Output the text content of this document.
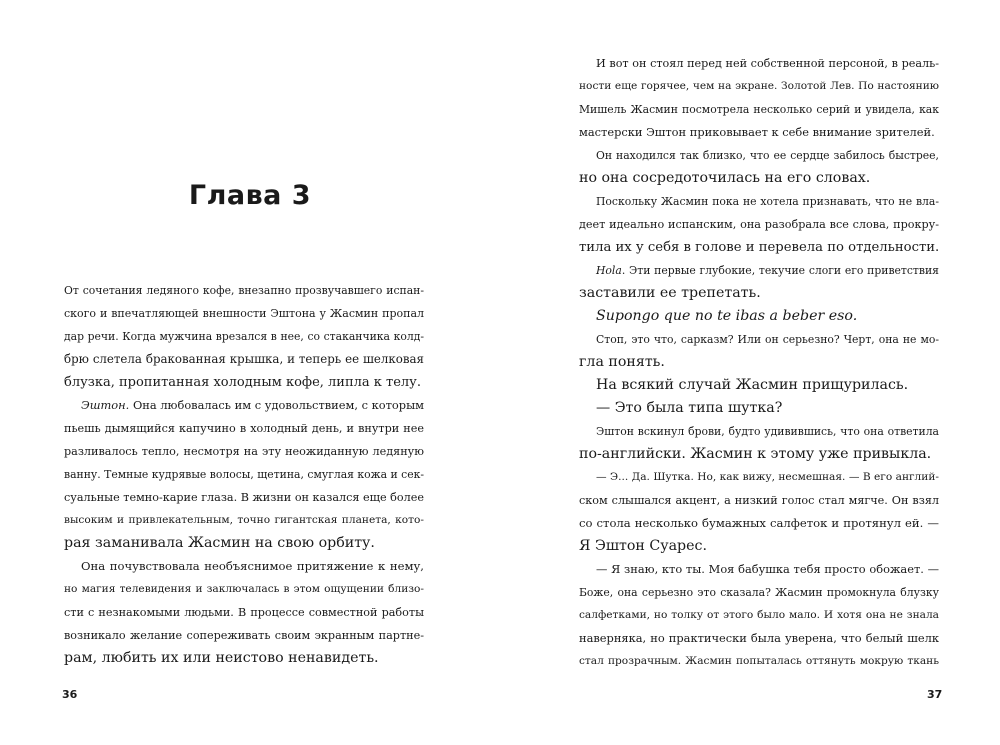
Глава 3

От сочетания ледяного кофе, внезапно прозвучавшего испан-
ского и впечатляющей внешности Эштона у Жасмин пропал
дар речи. Когда мужчина врезался в нее, со стаканчика колд-
брю слетела бракованная крышка, и теперь ее шелковая
блузка, пропитанная холодным кофе, липла к телу.

Эштон. Она любовалась им с удовольствием, с которым
пьешь дымящийся капучино в холодный день, и внутри нее
разливалось тепло, несмотря на эту неожиданную ледяную
ванну. Темные кудрявые волосы, щетина, смуглая кожа и сек-
суальные темно-карие глаза. В жизни он казался еще более
высоким и привлекательным, точно гигантская планета, кото-
рая заманивала Жасмин на свою орбиту.

Она почувствовала необъяснимое притяжение к нему,
но магия телевидения и заключалась в этом ощущении близо-
сти с незнакомыми людьми. В процессе совместной работы
возникало желание сопереживать своим экранным партне-
рам, любить их или неистово ненавидеть.

36

И вот он стоял перед ней собственной персоной, в реаль-
ности еще горячее, чем на экране. Золотой Лев. По настоянию
Мишель Жасмин посмотрела несколько серий и увидела, как
мастерски Эштон приковывает к себе внимание зрителей.

Он находился так близко, что ее сердце забилось быстрее,
но она сосредоточилась на его словах.

Поскольку Жасмин пока не хотела признавать, что не вла-
деет идеально испанским, она разобрала все слова, прокру-
тила их у себя в голове и перевела по отдельности.

Hola. Эти первые глубокие, текучие слоги его приветствия
заставили ее трепетать.

Supongo que no te ibas a beber eso.

Стоп, это что, сарказм? Или он серьезно? Черт, она не мо-
гла понять.

На всякий случай Жасмин прищурилась.

— Это была типа шутка?

Эштон вскинул брови, будто удивившись, что она ответила
по-английски. Жасмин к этому уже привыкла.

— Э... Да. Шутка. Но, как вижу, несмешная. — В его англий-
ском слышался акцент, а низкий голос стал мягче. Он взял
со стола несколько бумажных салфеток и протянул ей. —
Я Эштон Суарес.

— Я знаю, кто ты. Моя бабушка тебя просто обожает. —
Боже, она серьезно это сказала? Жасмин промокнула блузку
салфетками, но толку от этого было мало. И хотя она не знала
наверняка, но практически была уверена, что белый шелк
стал прозрачным. Жасмин попыталась оттянуть мокрую ткань

37
